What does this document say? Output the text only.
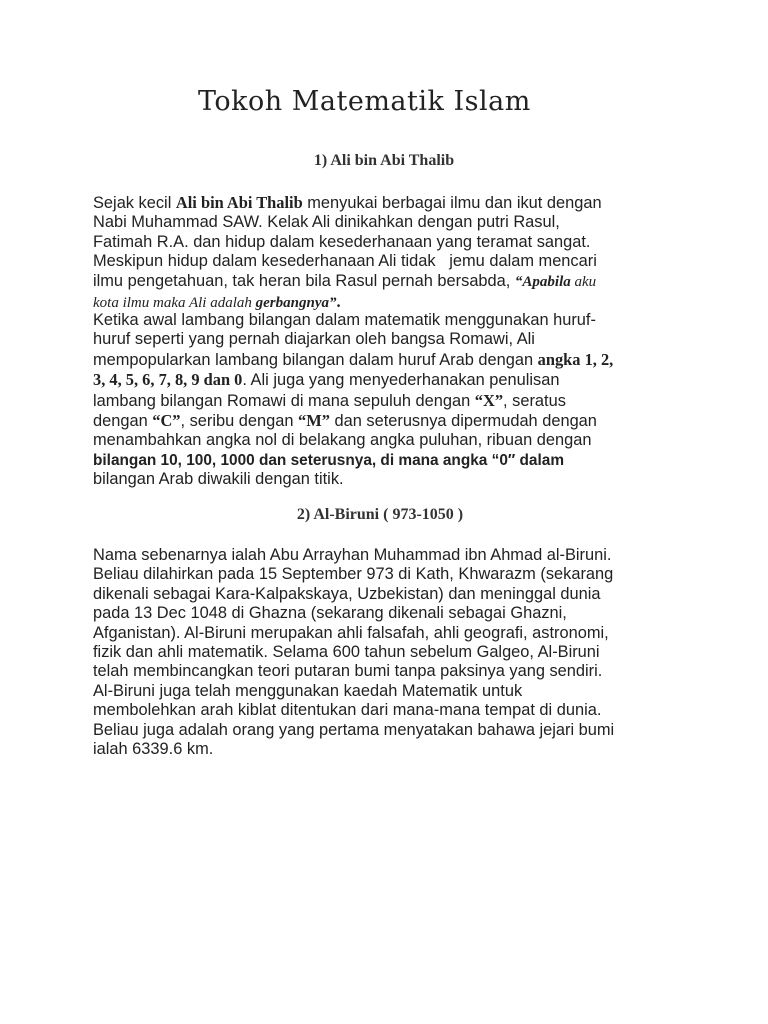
Tokoh Matematik Islam
1) Ali bin Abi Thalib

Sejak kecil Ali bin Abi Thalib menyukai berbagai ilmu dan ikut dengan
Nabi Muhammad SAW. Kelak Ali dinikahkan dengan putri Rasul,
Fatimah R.A. dan hidup dalam kesederhanaan yang teramat sangat.
Meskipun hidup dalam kesederhanaan Ali tidak   jemu dalam mencari
ilmu pengetahuan, tak heran bila Rasul pernah bersabda, “Apabila aku
kota ilmu maka Ali adalah gerbangnya”.

Ketika awal lambang bilangan dalam matematik menggunakan huruf-
huruf seperti yang pernah diajarkan oleh bangsa Romawi, Ali
mempopularkan lambang bilangan dalam huruf Arab dengan angka 1, 2,
3, 4, 5, 6, 7, 8, 9 dan 0. Ali juga yang menyederhanakan penulisan
lambang bilangan Romawi di mana sepuluh dengan “X”, seratus
dengan “C”, seribu dengan “M” dan seterusnya dipermudah dengan
menambahkan angka nol di belakang angka puluhan, ribuan dengan
bilangan 10, 100, 1000 dan seterusnya, di mana angka “0″ dalam
bilangan Arab diwakili dengan titik.

2) Al-Biruni ( 973-1050 )

Nama sebenarnya ialah Abu Arrayhan Muhammad ibn Ahmad al-Biruni.
Beliau dilahirkan pada 15 September 973 di Kath, Khwarazm (sekarang
dikenali sebagai Kara-Kalpakskaya, Uzbekistan) dan meninggal dunia
pada 13 Dec 1048 di Ghazna (sekarang dikenali sebagai Ghazni,
Afganistan). Al-Biruni merupakan ahli falsafah, ahli geografi, astronomi,
fizik dan ahli matematik. Selama 600 tahun sebelum Galgeo, Al-Biruni
telah membincangkan teori putaran bumi tanpa paksinya yang sendiri.
Al-Biruni juga telah menggunakan kaedah Matematik untuk
membolehkan arah kiblat ditentukan dari mana-mana tempat di dunia.
Beliau juga adalah orang yang pertama menyatakan bahawa jejari bumi
ialah 6339.6 km.
